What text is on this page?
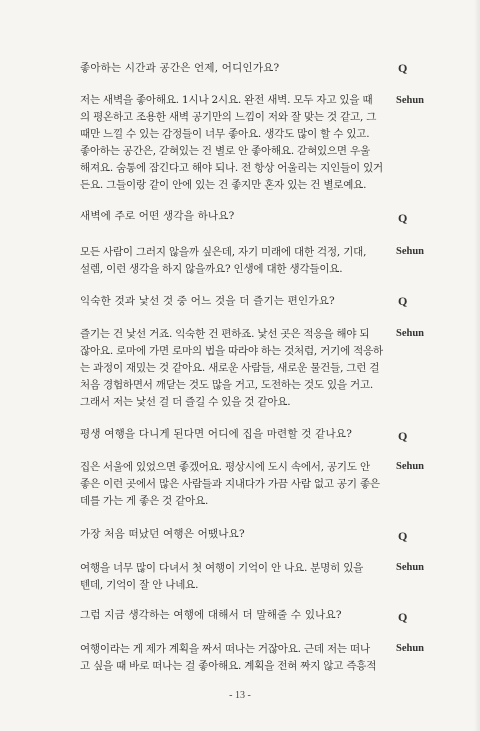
좋아하는 시간과 공간은 언제, 어디인가요?	Q
저는 새벽을 좋아해요. 1시나 2시요. 완전 새벽. 모두 자고 있을 때
의 평온하고 조용한 새벽 공기만의 느낌이 저와 잘 맞는 것 같고, 그
때만 느낄 수 있는 감정들이 너무 좋아요. 생각도 많이 할 수 있고.
좋아하는 공간은, 갇혀있는 건 별로 안 좋아해요. 갇혀있으면 우울
해져요. 숨통에 잠긴다고 해야 되나. 전 항상 어울리는 지인들이 있거
든요. 그들이랑 같이 안에 있는 건 좋지만 혼자 있는 건 별로예요.
Sehun
새벽에 주로 어떤 생각을 하나요?	Q
모든 사람이 그러지 않을까 싶은데, 자기 미래에 대한 걱정, 기대,
설렘, 이런 생각을 하지 않을까요? 인생에 대한 생각들이요.
Sehun
익숙한 것과 낯선 것 중 어느 것을 더 즐기는 편인가요?	Q
즐기는 건 낯선 거죠. 익숙한 건 편하죠. 낯선 곳은 적응을 해야 되
잖아요. 로마에 가면 로마의 법을 따라야 하는 것처럼, 거기에 적응하
는 과정이 재밌는 것 같아요. 새로운 사람들, 새로운 물건들, 그런 걸
처음 경험하면서 깨닫는 것도 많을 거고, 도전하는 것도 있을 거고.
그래서 저는 낯선 걸 더 즐길 수 있을 것 같아요.
Sehun
평생 여행을 다니게 된다면 어디에 집을 마련할 것 같나요?	Q
집은 서울에 있었으면 좋겠어요. 평상시에 도시 속에서, 공기도 안
좋은 이런 곳에서 많은 사람들과 지내다가 가끔 사람 없고 공기 좋은
데를 가는 게 좋은 것 같아요.
Sehun
가장 처음 떠났던 여행은 어땠나요?	Q
여행을 너무 많이 다녀서 첫 여행이 기억이 안 나요. 분명히 있을
텐데, 기억이 잘 안 나네요.
Sehun
그럼 지금 생각하는 여행에 대해서 더 말해줄 수 있나요?	Q
여행이라는 게 제가 계획을 짜서 떠나는 거잖아요. 근데 저는 떠나
고 싶을 때 바로 떠나는 걸 좋아해요. 계획을 전혀 짜지 않고 즉흥적
Sehun
- 13 -
